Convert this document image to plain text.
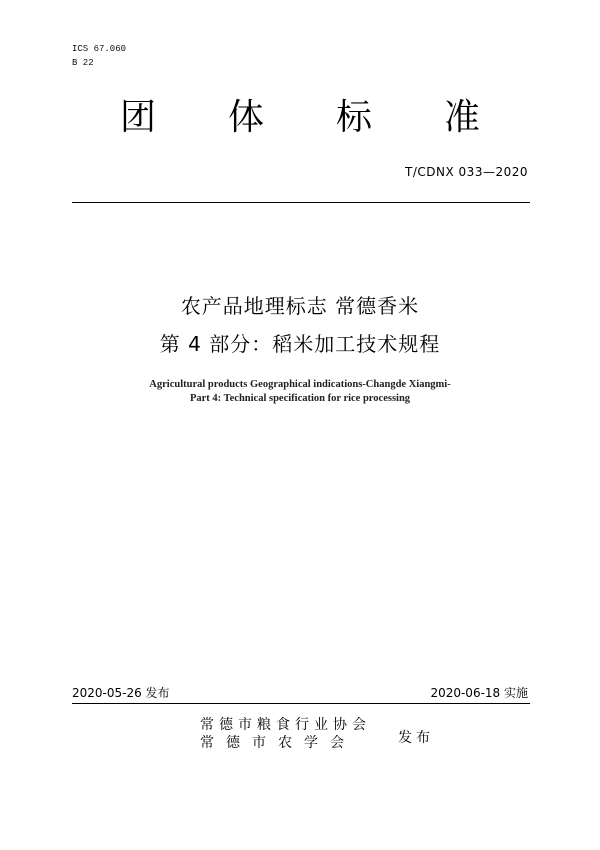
ICS 67.060
B 22
团 体 标 准
T/CDNX 033—2020
农产品地理标志 常德香米
第 4 部分：稻米加工技术规程
Agricultural products Geographical indications-Changde Xiangmi-
Part 4: Technical specification for rice processing
2020-05-26 发布	2020-06-18 实施
常德市粮食行业协会
常德市农学会	发布
